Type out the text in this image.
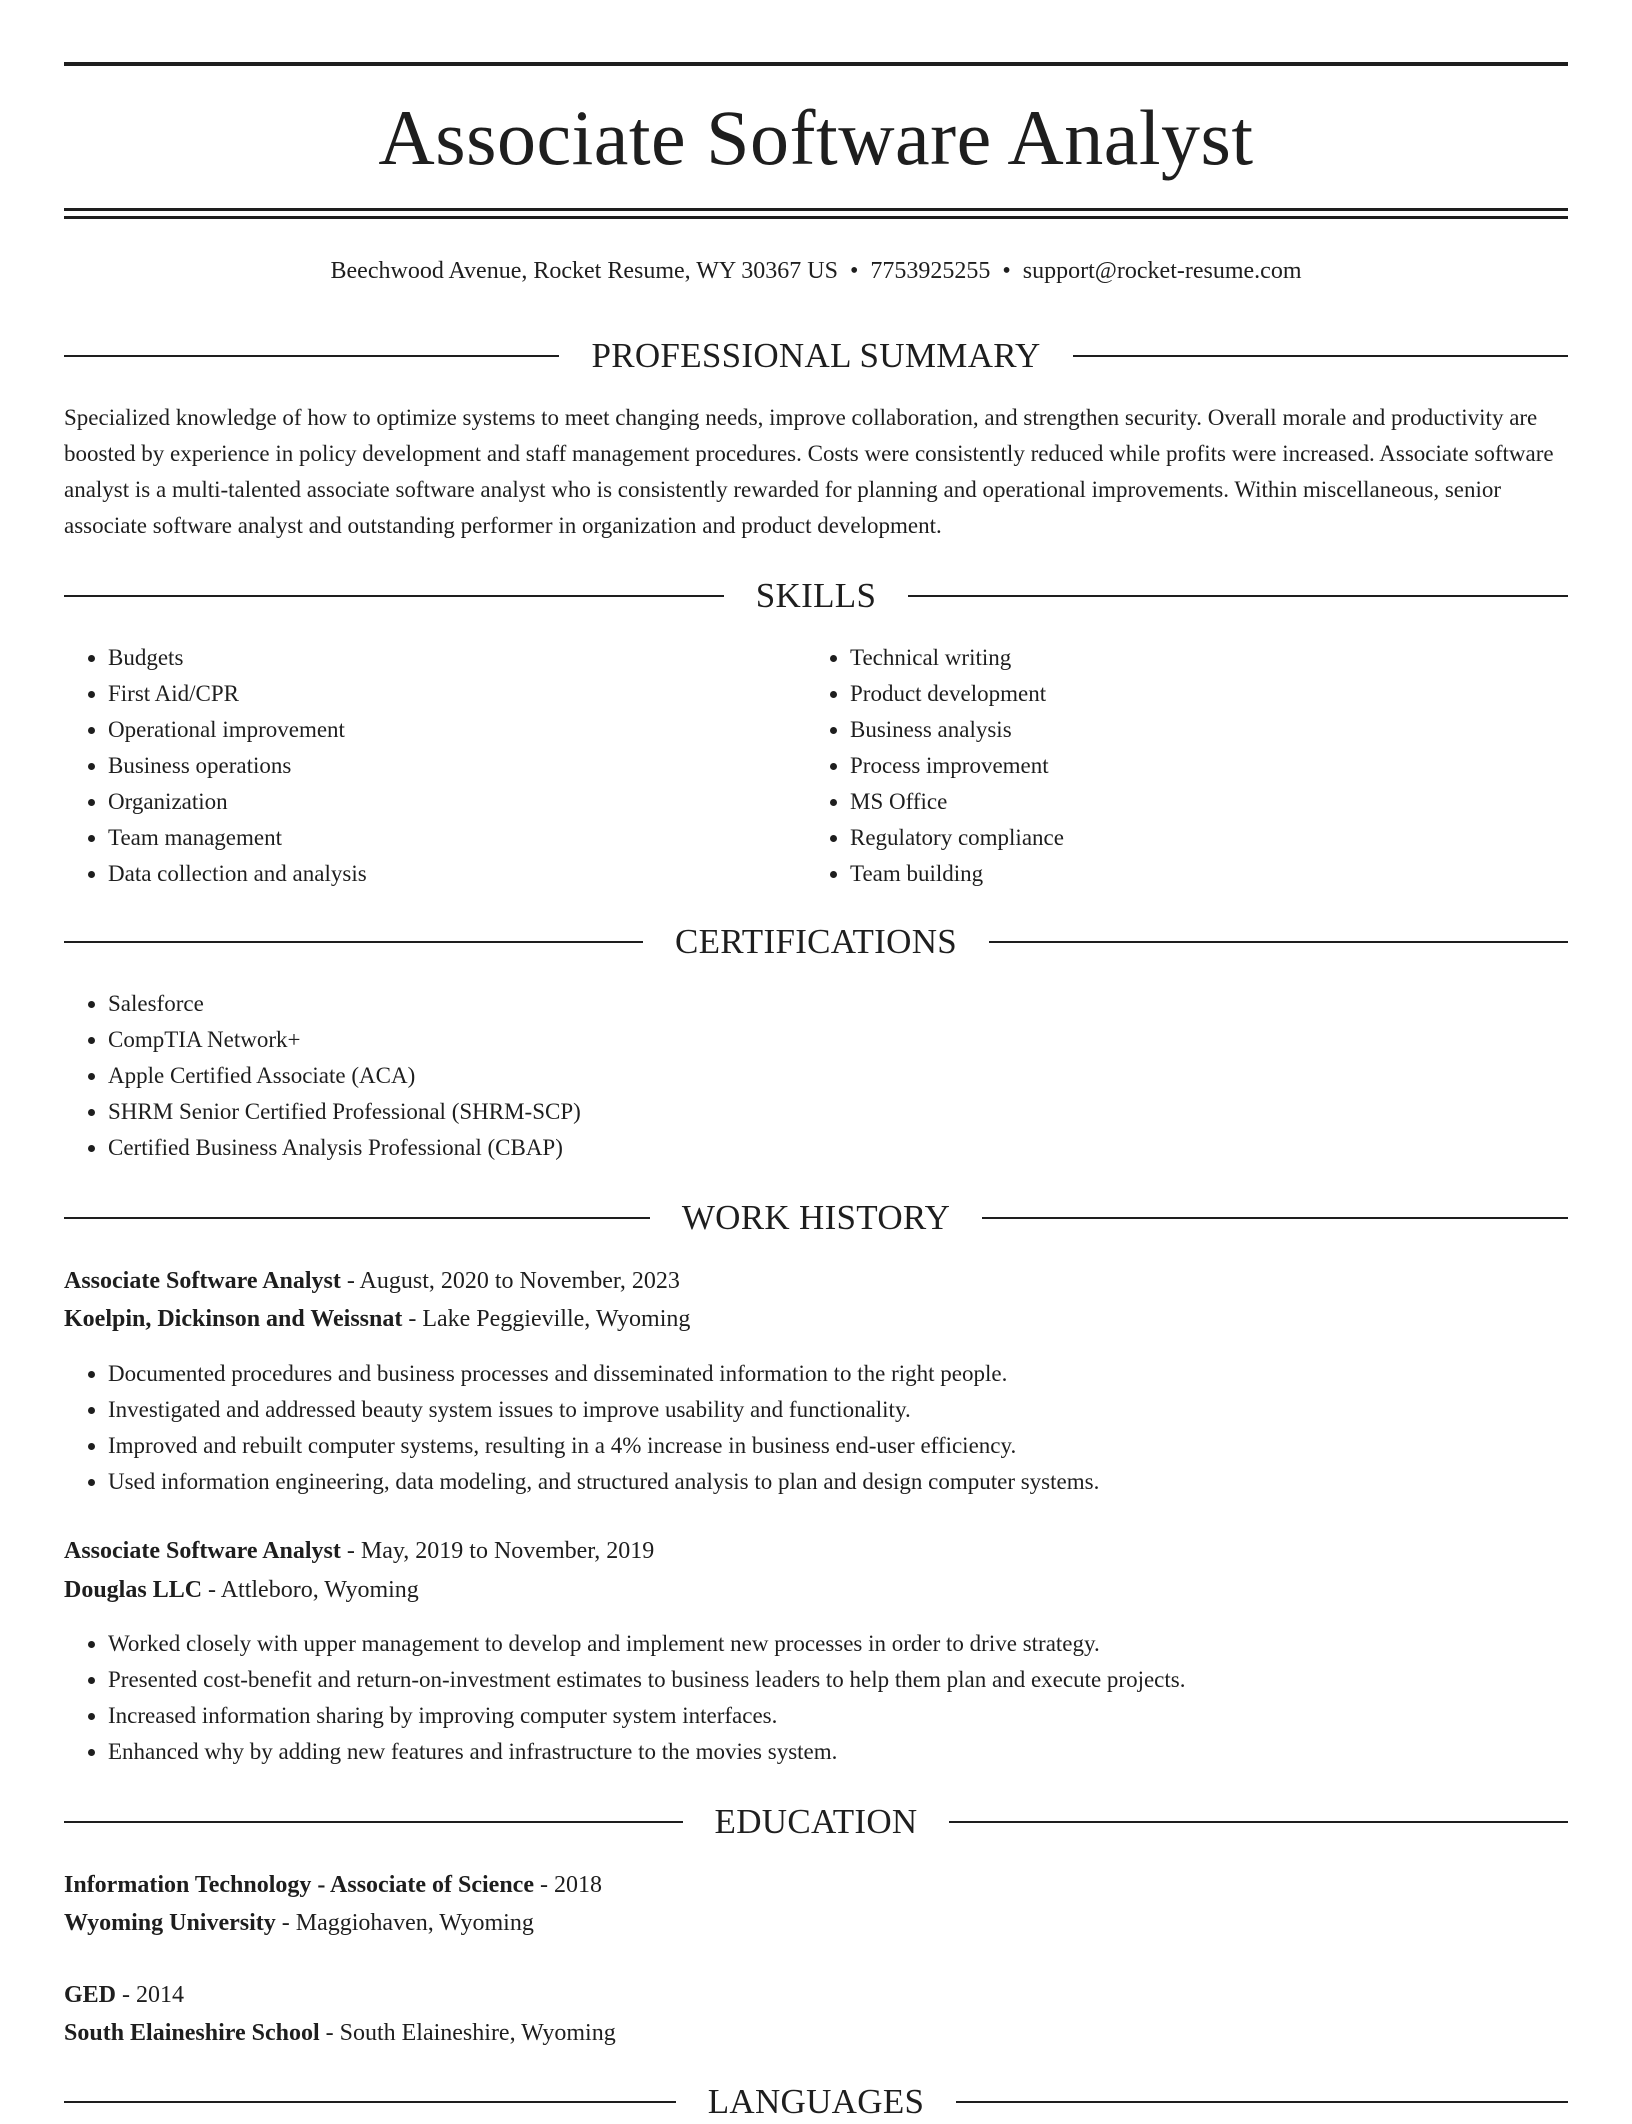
Associate Software Analyst
Beechwood Avenue, Rocket Resume, WY 30367 US • 7753925255 • support@rocket-resume.com
PROFESSIONAL SUMMARY

Specialized knowledge of how to optimize systems to meet changing needs, improve collaboration, and strengthen security. Overall morale and productivity are boosted by experience in policy development and staff management procedures. Costs were consistently reduced while profits were increased. Associate software analyst is a multi-talented associate software analyst who is consistently rewarded for planning and operational improvements. Within miscellaneous, senior associate software analyst and outstanding performer in organization and product development.

SKILLS
• Budgets
• First Aid/CPR
• Operational improvement
• Business operations
• Organization
• Team management
• Data collection and analysis
• Technical writing
• Product development
• Business analysis
• Process improvement
• MS Office
• Regulatory compliance
• Team building
CERTIFICATIONS
• Salesforce
• CompTIA Network+
• Apple Certified Associate (ACA)
• SHRM Senior Certified Professional (SHRM-SCP)
• Certified Business Analysis Professional (CBAP)
WORK HISTORY
Associate Software Analyst - August, 2020 to November, 2023
Koelpin, Dickinson and Weissnat - Lake Peggieville, Wyoming
• Documented procedures and business processes and disseminated information to the right people.
• Investigated and addressed beauty system issues to improve usability and functionality.
• Improved and rebuilt computer systems, resulting in a 4% increase in business end-user efficiency.
• Used information engineering, data modeling, and structured analysis to plan and design computer systems.
Associate Software Analyst - May, 2019 to November, 2019
Douglas LLC - Attleboro, Wyoming
• Worked closely with upper management to develop and implement new processes in order to drive strategy.
• Presented cost-benefit and return-on-investment estimates to business leaders to help them plan and execute projects.
• Increased information sharing by improving computer system interfaces.
• Enhanced why by adding new features and infrastructure to the movies system.
EDUCATION
Information Technology - Associate of Science - 2018
Wyoming University - Maggiohaven, Wyoming
GED - 2014
South Elaineshire School - South Elaineshire, Wyoming
LANGUAGES
